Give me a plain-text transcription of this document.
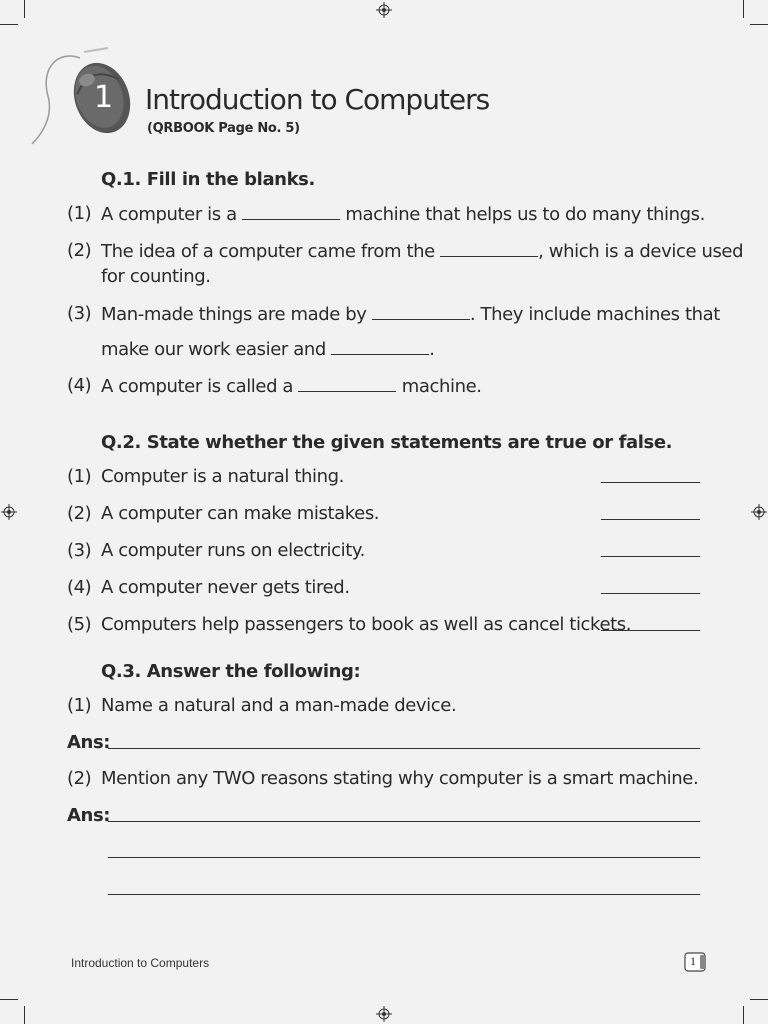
1 Introduction to Computers
(QRBOOK Page No. 5)
Q.1. Fill in the blanks.
(1) A computer is a	machine that helps us to do many things.
(2) The idea of a computer came from the	, which is a device used
for counting.
(3) Man-made things are made by	. They include machines that
make our work easier and	.
(4) A computer is called a	machine.
Q.2. State whether the given statements are true or false.
(1) Computer is a natural thing.
(2) A computer can make mistakes.
(3) A computer runs on electricity.
(4) A computer never gets tired.
(5) Computers help passengers to book as well as cancel tickets.
Q.3. Answer the following:
(1) Name a natural and a man-made device.
Ans:
(2) Mention any TWO reasons stating why computer is a smart machine.
Ans:
Introduction to Computers	1
